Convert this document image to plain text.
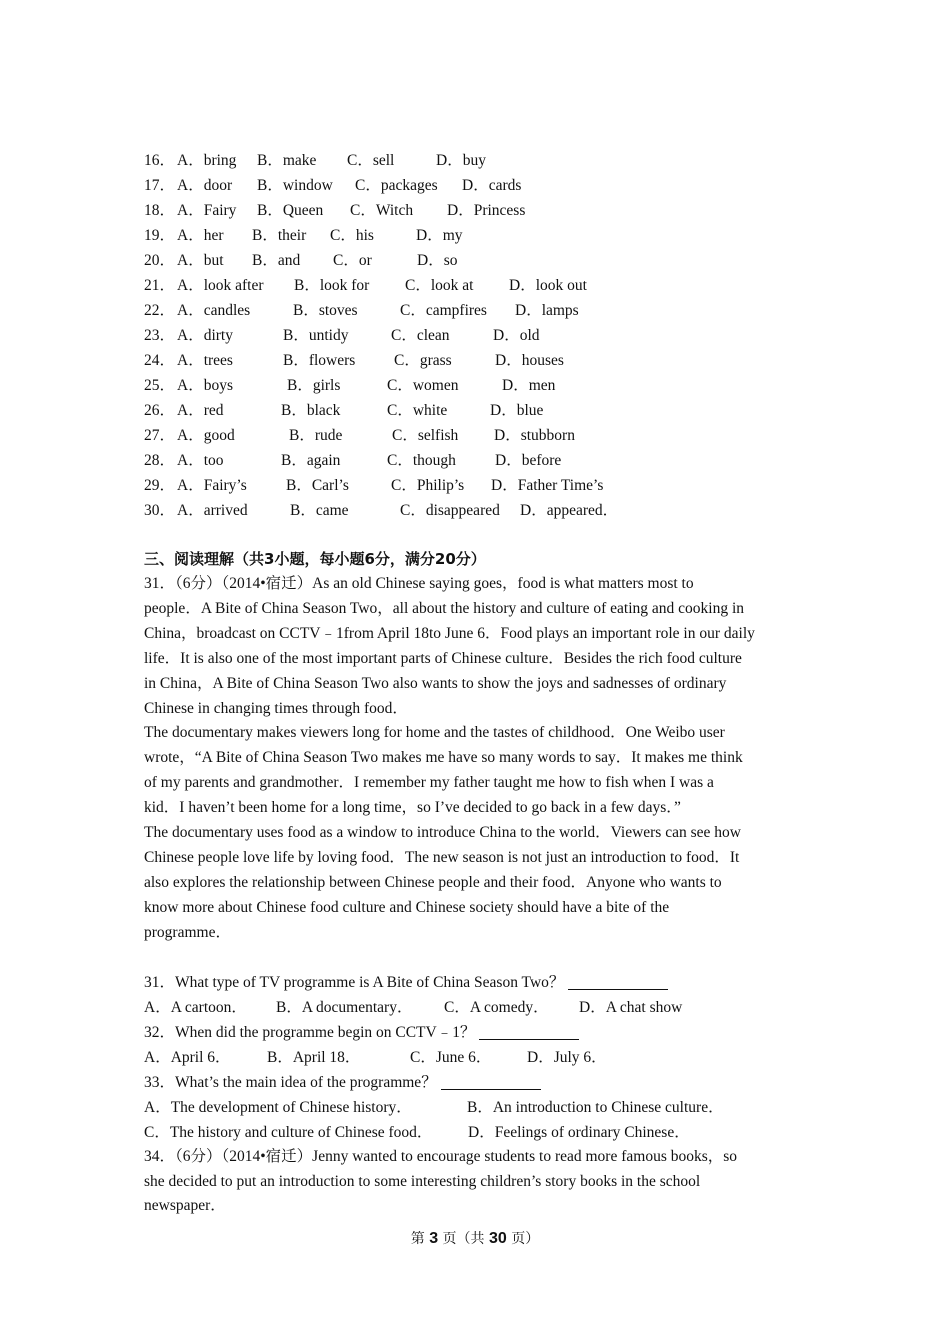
16． A．bring B．make C．sell	D．buy
17． A．door B．window C．packages D．cards
18． A．Fairy B．Queen C．Witch D．Princess
19． A．her B．their C．his	D．my
20． A．but B．and C．or	D．so
21． A．look after B．look for C．look at D．look out
22． A．candles	B．stoves	C．campfires D．lamps
23． A．dirty	B．untidy	C．clean	D．old
24． A．trees	B．flowers C．grass	D．houses
25． A．boys	B．girls	C．women	D．men
26． A．red	B．black	C．white	D．blue
27． A．good	B．rude	C．selfish D．stubborn
28． A．too	B．again	C．though	D．before
29． A．Fairy’s	B．Carl’s	C．Philip’s D．Father Time’s
30． A．arrived	B．came	C．disappeared D．appeared．
三、阅读理解（共3小题，每小题6分，满分20分）
31．（6分）（2014•宿迁）As an old Chinese saying goes，food is what matters most to
people．A Bite of China Season Two，all about the history and culture of eating and cooking in
China，broadcast on CCTV﹣1from April 18to June 6．Food plays an important role in our daily
life．It is also one of the most important parts of Chinese culture．Besides the rich food culture
in China，A Bite of China Season Two also wants to show the joys and sadnesses of ordinary
Chinese in changing times through food．
The documentary makes viewers long for home and the tastes of childhood．One Weibo user
wrote，“A Bite of China Season Two makes me have so many words to say．It makes me think
of my parents and grandmother．I remember my father taught me how to fish when I was a
kid．I haven’t been home for a long time，so I’ve decided to go back in a few days．”
The documentary uses food as a window to introduce China to the world．Viewers can see how
Chinese people love life by loving food．The new season is not just an introduction to food．It
also explores the relationship between Chinese people and their food．Anyone who wants to
know more about Chinese food culture and Chinese society should have a bite of the
programme．
31．What type of TV programme is A Bite of China Season Two？
A．A cartoon． B．A documentary． C．A comedy． D．A chat show
32．When did the programme begin on CCTV﹣1？
A．April 6． B．April 18．	C．June 6． D．July 6．
33．What’s the main idea of the programme？
A．The development of Chinese history．	B．An introduction to Chinese culture．
C．The history and culture of Chinese food． D．Feelings of ordinary Chinese．
34．（6分）（2014•宿迁）Jenny wanted to encourage students to read more famous books，so
she decided to put an introduction to some interesting children’s story books in the school
newspaper．
第 3 页（共 30 页）
